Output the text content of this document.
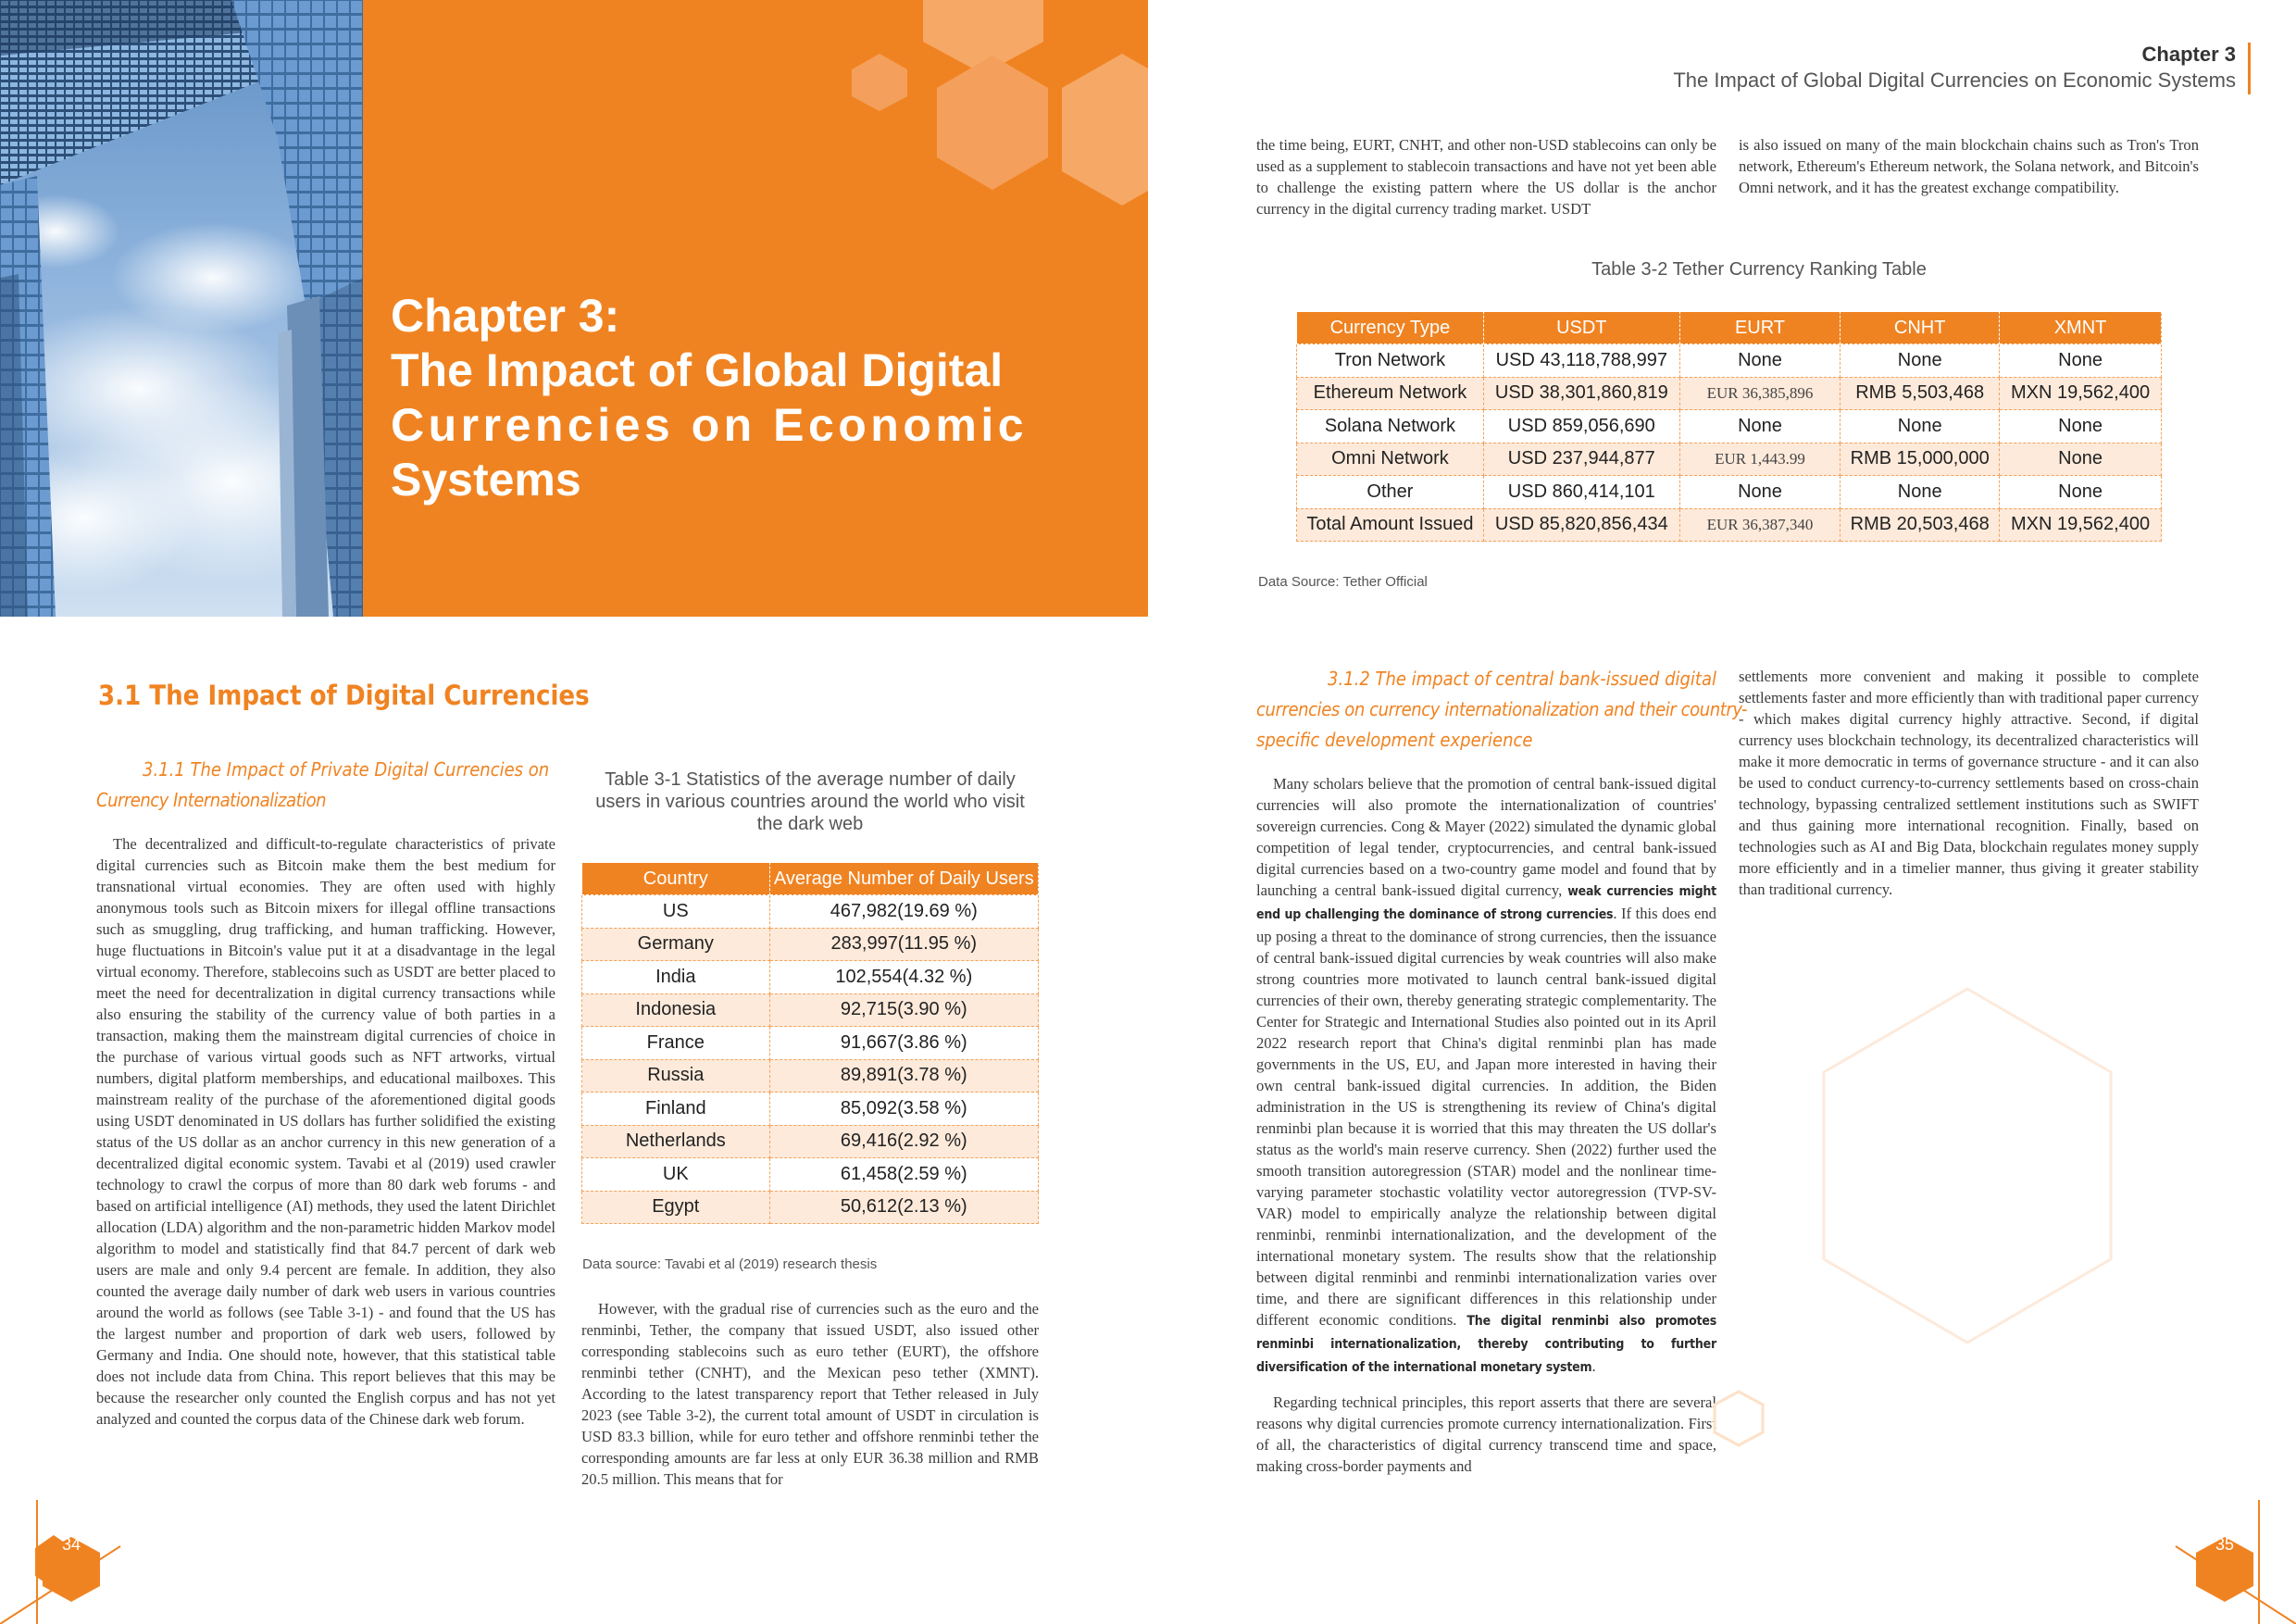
Chapter 3:
The Impact of Global Digital
Currencies on Economic
Systems
Chapter 3
The Impact of Global Digital Currencies on Economic Systems

the time being, EURT, CNHT, and other non-USD stablecoins can only be used as a supplement to stablecoin transactions and have not yet been able to challenge the existing pattern where the US dollar is the anchor currency in the digital currency trading market. USDT

is also issued on many of the main blockchain chains such as Tron's Tron network, Ethereum's Ethereum network, the Solana network, and Bitcoin's Omni network, and it has the greatest exchange compatibility.

Table 3-2 Tether Currency Ranking Table
Currency Type	USDT	EURT	CNHT	XMNT
Tron Network	USD 43,118,788,997	None	None	None
Ethereum Network	USD 38,301,860,819	EUR 36,385,896	RMB 5,503,468	MXN 19,562,400
Solana Network	USD 859,056,690	None	None	None
Omni Network	USD 237,944,877	EUR 1,443.99	RMB 15,000,000	None
Other	USD 860,414,101	None	None	None
Total Amount Issued	USD 85,820,856,434	EUR 36,387,340	RMB 20,503,468	MXN 19,562,400
Data Source: Tether Official
3.1 The Impact of Digital Currencies
3.1.1 The Impact of Private Digital Currencies on
Currency Internationalization

The decentralized and difficult-to-regulate characteristics of private digital currencies such as Bitcoin make them the best medium for transnational virtual economies. They are often used with highly anonymous tools such as Bitcoin mixers for illegal offline transactions such as smuggling, drug trafficking, and human trafficking. However, huge fluctuations in Bitcoin's value put it at a disadvantage in the legal virtual economy. Therefore, stablecoins such as USDT are better placed to meet the need for decentralization in digital currency transactions while also ensuring the stability of the currency value of both parties in a transaction, making them the mainstream digital currencies of choice in the purchase of various virtual goods such as NFT artworks, virtual numbers, digital platform memberships, and educational mailboxes. This mainstream reality of the purchase of the aforementioned digital goods using USDT denominated in US dollars has further solidified the existing status of the US dollar as an anchor currency in this new generation of a decentralized digital economic system. Tavabi et al (2019) used crawler technology to crawl the corpus of more than 80 dark web forums - and based on artificial intelligence (AI) methods, they used the latent Dirichlet allocation (LDA) algorithm and the non-parametric hidden Markov model algorithm to model and statistically find that 84.7 percent of dark web users are male and only 9.4 percent are female. In addition, they also counted the average daily number of dark web users in various countries around the world as follows (see Table 3-1) - and found that the US has the largest number and proportion of dark web users, followed by Germany and India. One should note, however, that this statistical table does not include data from China. This report believes that this may be because the researcher only counted the English corpus and has not yet analyzed and counted the corpus data of the Chinese dark web forum.

Table 3-1 Statistics of the average number of daily users in various countries around the world who visit the dark web
Country	Average Number of Daily Users
US	467,982(19.69 %)
Germany	283,997(11.95 %)
India	102,554(4.32 %)
Indonesia	92,715(3.90 %)
France	91,667(3.86 %)
Russia	89,891(3.78 %)
Finland	85,092(3.58 %)
Netherlands	69,416(2.92 %)
UK	61,458(2.59 %)
Egypt	50,612(2.13 %)
Data source: Tavabi et al (2019) research thesis

However, with the gradual rise of currencies such as the euro and the renminbi, Tether, the company that issued USDT, also issued other corresponding stablecoins such as euro tether (EURT), the offshore renminbi tether (CNHT), and the Mexican peso tether (XMNT). According to the latest transparency report that Tether released in July 2023 (see Table 3-2), the current total amount of USDT in circulation is USD 83.3 billion, while for euro tether and offshore renminbi tether the corresponding amounts are far less at only EUR 36.38 million and RMB 20.5 million. This means that for

3.1.2 The impact of central bank-issued digital
currencies on currency internationalization and their country-
specific development experience

Many scholars believe that the promotion of central bank-issued digital currencies will also promote the internationalization of countries' sovereign currencies. Cong & Mayer (2022) simulated the dynamic global competition of legal tender, cryptocurrencies, and central bank-issued digital currencies based on a two-country game model and found that by launching a central bank-issued digital currency, weak currencies might end up challenging the dominance of strong currencies. If this does end up posing a threat to the dominance of strong currencies, then the issuance of central bank-issued digital currencies by weak countries will also make strong countries more motivated to launch central bank-issued digital currencies of their own, thereby generating strategic complementarity. The Center for Strategic and International Studies also pointed out in its April 2022 research report that China's digital renminbi plan has made governments in the US, EU, and Japan more interested in having their own central bank-issued digital currencies. In addition, the Biden administration in the US is strengthening its review of China's digital renminbi plan because it is worried that this may threaten the US dollar's status as the world's main reserve currency. Shen (2022) further used the smooth transition autoregression (STAR) model and the nonlinear time-varying parameter stochastic volatility vector autoregression (TVP-SV-VAR) model to empirically analyze the relationship between digital renminbi, renminbi internationalization, and the development of the international monetary system. The results show that the relationship between digital renminbi and renminbi internationalization varies over time, and there are significant differences in this relationship under different economic conditions. The digital renminbi also promotes renminbi internationalization, thereby contributing to further diversification of the international monetary system.

Regarding technical principles, this report asserts that there are several reasons why digital currencies promote currency internationalization. First of all, the characteristics of digital currency transcend time and space, making cross-border payments and

settlements more convenient and making it possible to complete settlements faster and more efficiently than with traditional paper currency - which makes digital currency highly attractive. Second, if digital currency uses blockchain technology, its decentralized characteristics will make it more democratic in terms of governance structure - and it can also be used to conduct currency-to-currency settlements based on cross-chain technology, bypassing centralized settlement institutions such as SWIFT and thus gaining more international recognition. Finally, based on technologies such as AI and Big Data, blockchain regulates money supply more efficiently and in a timelier manner, thus giving it greater stability than traditional currency.

34	35
